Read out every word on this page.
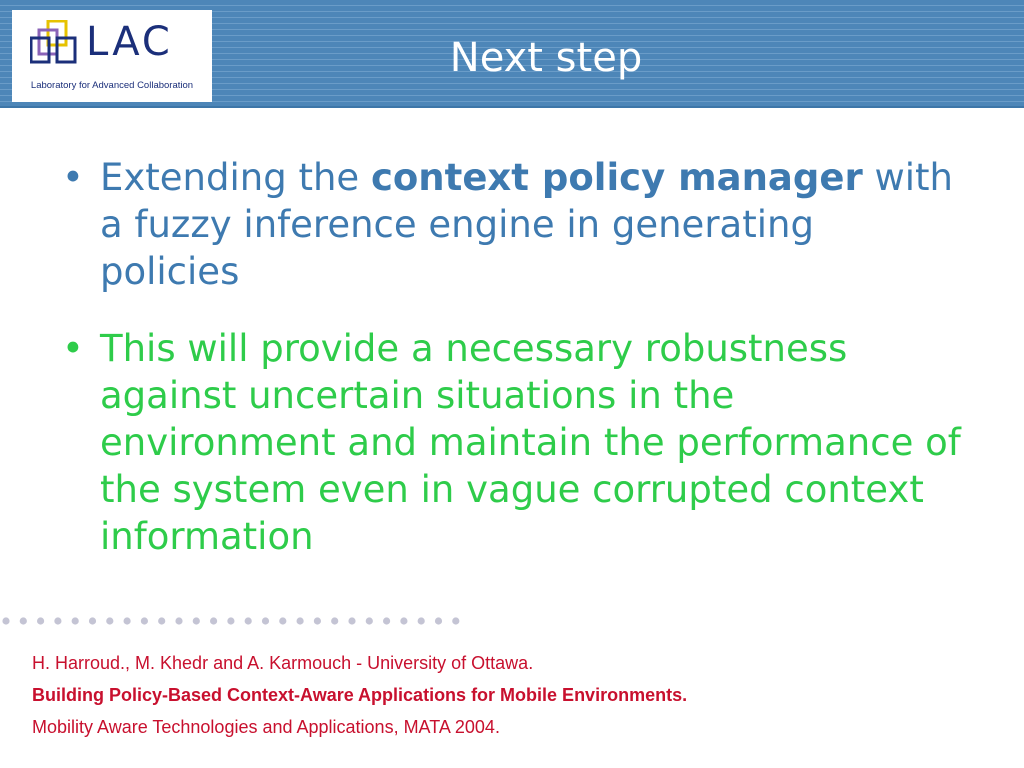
LAC
Laboratory for Advanced Collaboration
Next step
• Extending the context policy manager with a fuzzy inference engine in generating policies
• This will provide a necessary robustness against uncertain situations in the environment and maintain the performance of the system even in vague corrupted context information
H. Harroud., M. Khedr and A. Karmouch - University of Ottawa.
Building Policy-Based Context-Aware Applications for Mobile Environments.
Mobility Aware Technologies and Applications, MATA 2004.
